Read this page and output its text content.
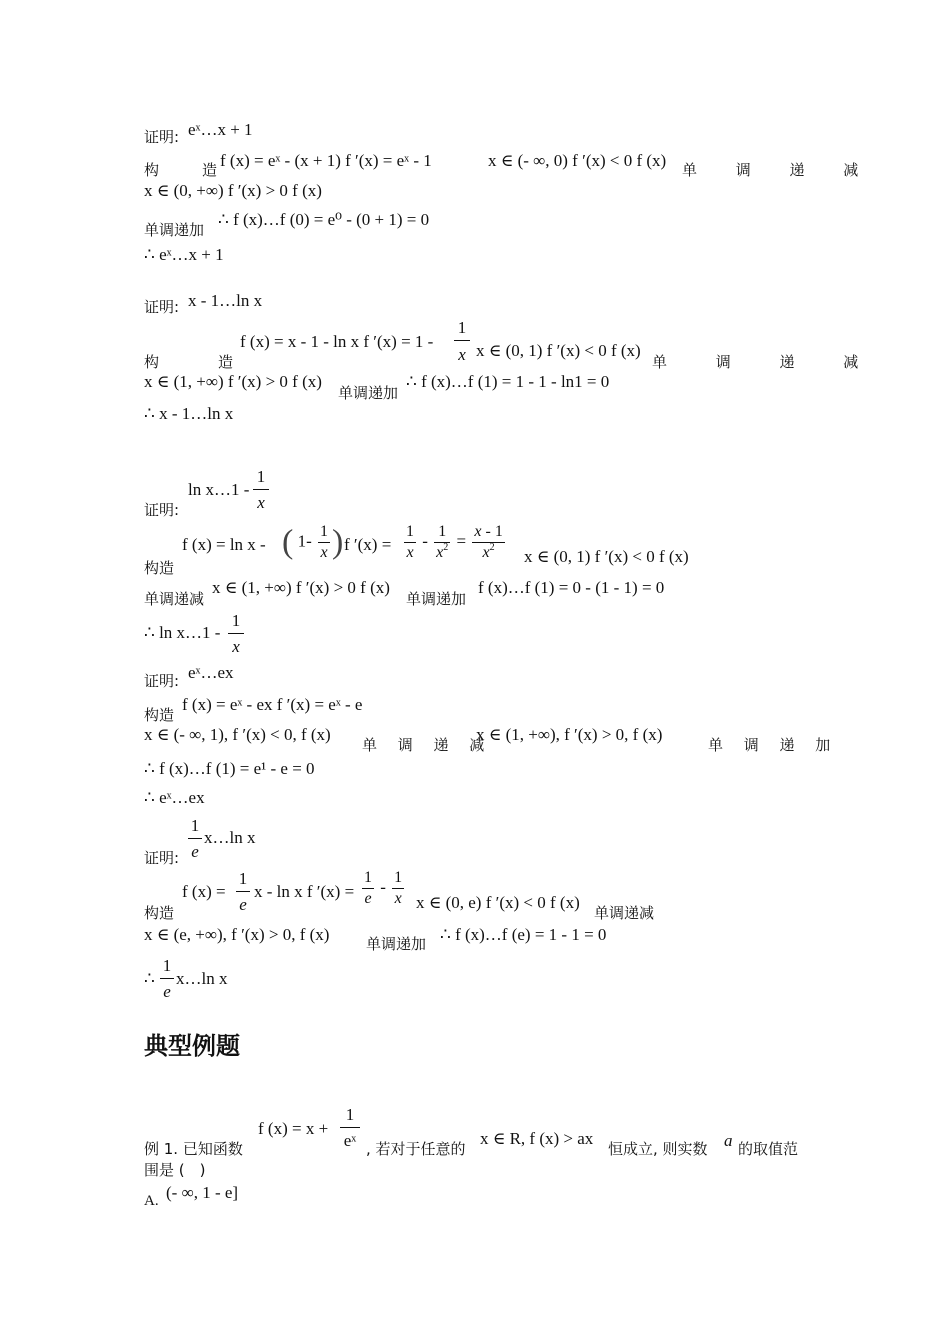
证明: eˣ…x + 1
构　造
f (x) = eˣ - (x + 1) f ′(x) = eˣ - 1	x ∈ (- ∞, 0) f ′(x) < 0 f (x) 单 调 递 减
x ∈ (0, +∞) f ′(x) > 0 f (x)
单调递加
∴ f (x)…f (0) = e⁰ - (0 + 1) = 0
∴ eˣ…x + 1
证明: x - 1…ln x
构　造
f (x) = x - 1 - ln x f ′(x) = 1 -
1
x x ∈ (0, 1) f ′(x) < 0 f (x)
单 调 递 减
x ∈ (1, +∞) f ′(x) > 0 f (x)
单调递加
∴ f (x)…f (1) = 1 - 1 - ln1 = 0
∴ x - 1…ln x
ln x…1 -
1
x
证明:
f (x) = ln x - ( $1- \frac{1}{x}$ ) f $'(x) = \frac{1}{x} - \frac{1}{x^2} = \frac{x - 1}{x^2}$ x ∈ (0, 1) f ′(x) < 0 f (x)
构造
单调递减
x ∈ (1, +∞) f ′(x) > 0 f (x)
单调递加
f (x)…f (1) = 0 - (1 - 1) = 0
∴ ln x…1 -
1
x
证明: eˣ…ex
构造
f (x) = eˣ - ex f ′(x) = eˣ - e
x ∈ (- ∞, 1), f ′(x) < 0, f (x)
单 调 递 减
x ∈ (1, +∞), f ′(x) > 0, f (x)
单 调 递 加
∴ f (x)…f (1) = e¹ - e = 0
∴ eˣ…ex
1
e
x…ln x
证明:
f (x) =
1
e
x - ln x f $'(x) = \frac{1}{e} - \frac{1}{x}$ x ∈ (0, e) f ′(x) < 0 f (x)
单调递减
构造
x ∈ (e, +∞), f ′(x) > 0, f (x) 单调递加 ∴ f (x)…f (e) = 1 - 1 = 0
∴
1
e
x…ln x
典型例题
例 1. 已知函数
f (x) = x +
1
eˣ , 若对于任意的
x ∈ R, f (x) > ax
恒成立, 则实数 a 的取值范
围是 (　)
A. (- ∞, 1 - e]
